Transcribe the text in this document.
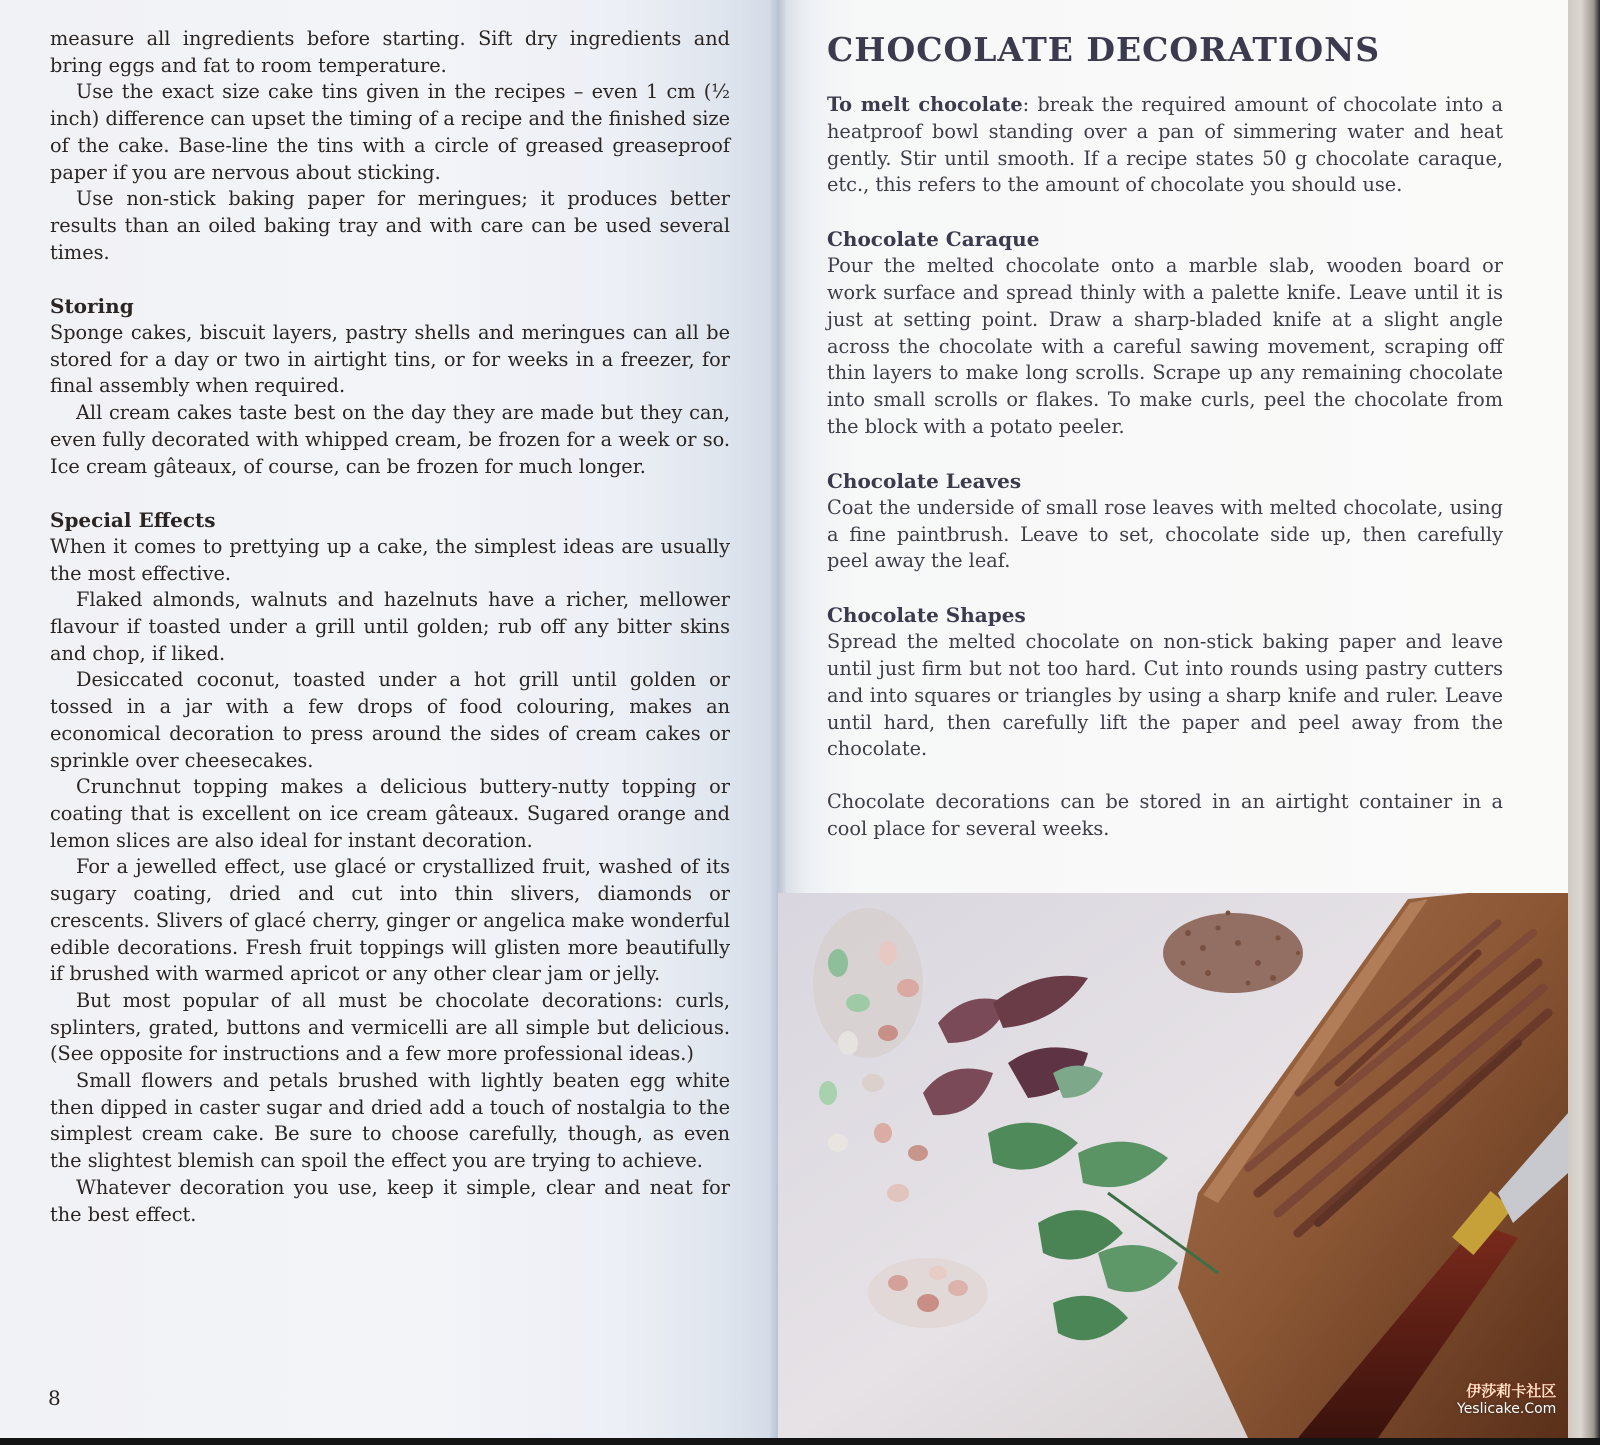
measure all ingredients before starting. Sift dry ingredients and bring eggs and fat to room temperature.

Use the exact size cake tins given in the recipes – even 1 cm (½ inch) difference can upset the timing of a recipe and the finished size of the cake. Base-line the tins with a circle of greased greaseproof paper if you are nervous about sticking.

Use non-stick baking paper for meringues; it produces better results than an oiled baking tray and with care can be used several times.

Storing

Sponge cakes, biscuit layers, pastry shells and meringues can all be stored for a day or two in airtight tins, or for weeks in a freezer, for final assembly when required.

All cream cakes taste best on the day they are made but they can, even fully decorated with whipped cream, be frozen for a week or so. Ice cream gâteaux, of course, can be frozen for much longer.

Special Effects

When it comes to prettying up a cake, the simplest ideas are usually the most effective.

Flaked almonds, walnuts and hazelnuts have a richer, mellower flavour if toasted under a grill until golden; rub off any bitter skins and chop, if liked.

Desiccated coconut, toasted under a hot grill until golden or tossed in a jar with a few drops of food colouring, makes an economical decoration to press around the sides of cream cakes or sprinkle over cheesecakes.

Crunchnut topping makes a delicious buttery-nutty topping or coating that is excellent on ice cream gâteaux. Sugared orange and lemon slices are also ideal for instant decoration.

For a jewelled effect, use glacé or crystallized fruit, washed of its sugary coating, dried and cut into thin slivers, diamonds or crescents. Slivers of glacé cherry, ginger or angelica make wonderful edible decorations. Fresh fruit toppings will glisten more beautifully if brushed with warmed apricot or any other clear jam or jelly.

But most popular of all must be chocolate decorations: curls, splinters, grated, buttons and vermicelli are all simple but delicious. (See opposite for instructions and a few more professional ideas.)

Small flowers and petals brushed with lightly beaten egg white then dipped in caster sugar and dried add a touch of nostalgia to the simplest cream cake. Be sure to choose carefully, though, as even the slightest blemish can spoil the effect you are trying to achieve.

Whatever decoration you use, keep it simple, clear and neat for the best effect.

8
CHOCOLATE DECORATIONS

To melt chocolate: break the required amount of chocolate into a heatproof bowl standing over a pan of simmering water and heat gently. Stir until smooth. If a recipe states 50 g chocolate caraque, etc., this refers to the amount of chocolate you should use.

Chocolate Caraque

Pour the melted chocolate onto a marble slab, wooden board or work surface and spread thinly with a palette knife. Leave until it is just at setting point. Draw a sharp-bladed knife at a slight angle across the chocolate with a careful sawing movement, scraping off thin layers to make long scrolls. Scrape up any remaining chocolate into small scrolls or flakes. To make curls, peel the chocolate from the block with a potato peeler.

Chocolate Leaves

Coat the underside of small rose leaves with melted chocolate, using a fine paintbrush. Leave to set, chocolate side up, then carefully peel away the leaf.

Chocolate Shapes

Spread the melted chocolate on non-stick baking paper and leave until just firm but not too hard. Cut into rounds using pastry cutters and into squares or triangles by using a sharp knife and ruler. Leave until hard, then carefully lift the paper and peel away from the chocolate.

Chocolate decorations can be stored in an airtight container in a cool place for several weeks.

伊莎莉卡社区
Yeslicake.Com
